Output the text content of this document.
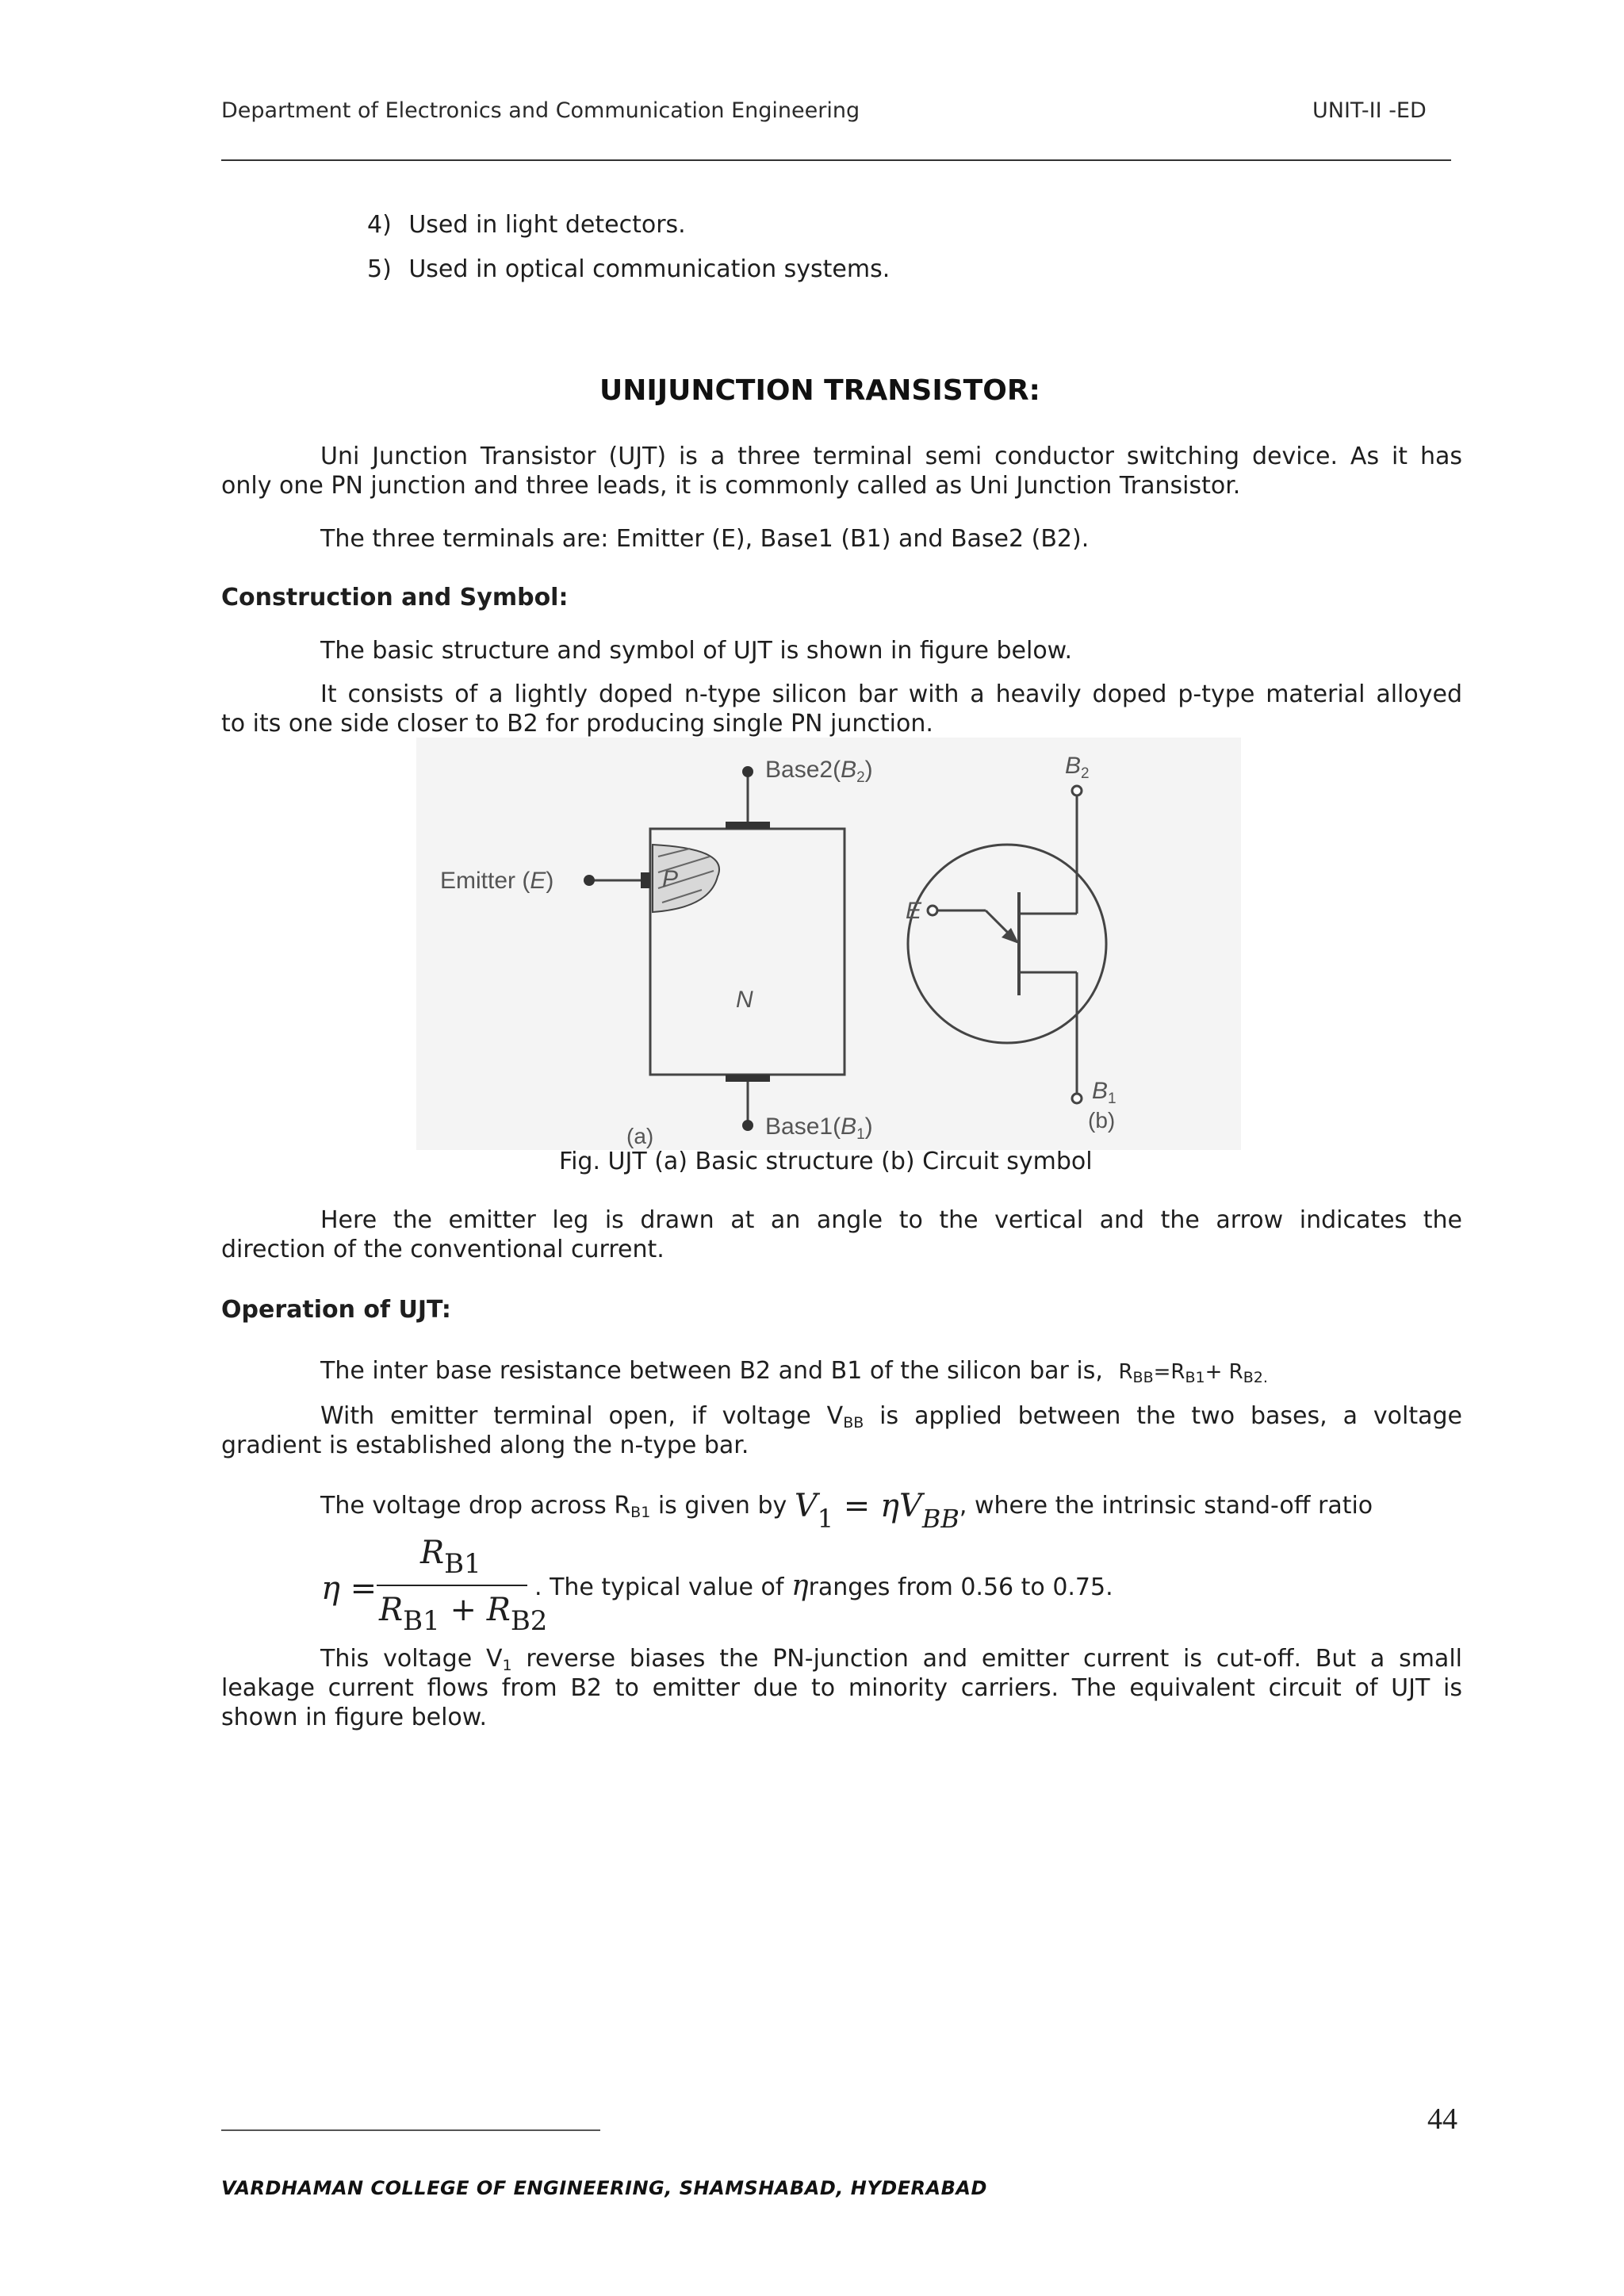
Department of Electronics and Communication Engineering	UNIT-II -ED
4) Used in light detectors.
5) Used in optical communication systems.
UNIJUNCTION TRANSISTOR:
Uni Junction Transistor (UJT) is a three terminal semi conductor switching device. As it has
only one PN junction and three leads, it is commonly called as Uni Junction Transistor.
The three terminals are: Emitter (E), Base1 (B1) and Base2 (B2).
Construction and Symbol:
The basic structure and symbol of UJT is shown in figure below.
It consists of a lightly doped n-type silicon bar with a heavily doped p-type material alloyed
to its one side closer to B2 for producing single PN junction.
$Base2(B_2)$
Emitter (E)	P
N
$Base1(B_1)$
(a)
E
$B_2$
$B_1$
(b)
Fig. UJT (a) Basic structure (b) Circuit symbol
Here the emitter leg is drawn at an angle to the vertical and the arrow indicates the
direction of the conventional current.
Operation of UJT:
The inter base resistance between B2 and B1 of the silicon bar is, $R_{BB}=R_{B1}+ R_{B2.}$
With emitter terminal open, if voltage $V_{BB}$ is applied between the two bases, a voltage
gradient is established along the n-type bar.
The voltage drop across $R_{B1}$ is given by $V_1 = \eta V_{BB}$, where the intrinsic stand-off ratio
η =
$R_{B1}$
$R_{B1} + R_{B2}$
. The typical value of ηranges from 0.56 to 0.75.
This voltage $V_1$ reverse biases the PN-junction and emitter current is cut-off. But a small
leakage current flows from B2 to emitter due to minority carriers. The equivalent circuit of UJT is
shown in figure below.
44
VARDHAMAN COLLEGE OF ENGINEERING, SHAMSHABAD, HYDERABAD
